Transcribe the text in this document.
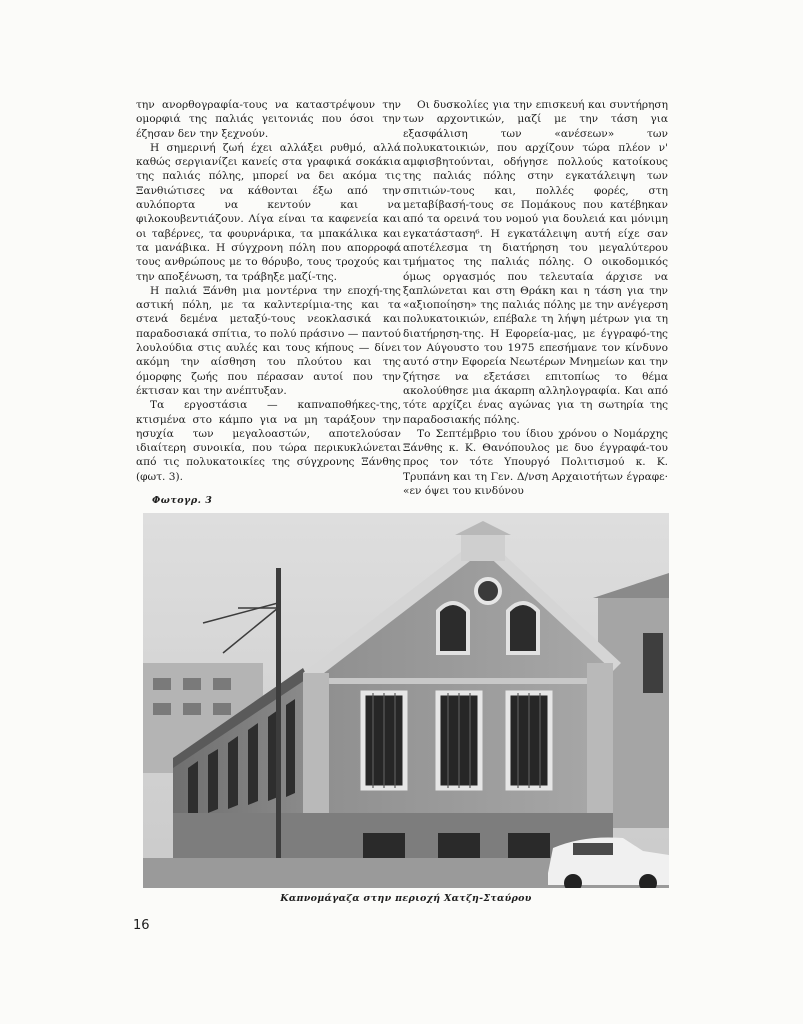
την ανορθογραφία-τους να καταστρέψουν την ομορφιά της παλιάς γειτονιάς που όσοι την έζησαν δεν την ξεχνούν.

Η σημερινή ζωή έχει αλλάξει ρυθμό, αλλά καθώς σεργιανίζει κανείς στα γραφικά σοκάκια της παλιάς πόλης, μπορεί να δει ακόμα τις Ξανθιώτισες να κάθονται έξω από την αυλόπορτα να κεντούν και να φιλοκουβεντιάζουν. Λίγα είναι τα καφενεία και οι ταβέρνες, τα φουρνάρικα, τα μπακάλικα και τα μανάβικα. Η σύγχρονη πόλη που απορροφά τους ανθρώπους με το θόρυβο, τους τροχούς και την αποξένωση, τα τράβηξε μαζί-της.

Η παλιά Ξάνθη μια μοντέρνα την εποχή-της αστική πόλη, με τα καλντερίμια-της και τα στενά δεμένα μεταξύ-τους νεοκλασικά και παραδοσιακά σπίτια, το πολύ πράσινο — παντού λουλούδια στις αυλές και τους κήπους — δίνει ακόμη την αίσθηση του πλούτου και της όμορφης ζωής που πέρασαν αυτοί που την έκτισαν και την ανέπτυξαν.

Τα εργοστάσια — καπναποθήκες-της, κτισμένα στο κάμπο για να μη ταράξουν την ησυχία των μεγαλοαστών, αποτελούσαν ιδιαίτερη συνοικία, που τώρα περικυκλώνεται από τις πολυκατοικίες της σύγχρονης Ξάνθης (φωτ. 3).

Οι δυσκολίες για την επισκευή και συντήρηση των αρχοντικών, μαζί με την τάση για εξασφάλιση των «ανέσεων» των πολυκατοικιών, που αρχίζουν τώρα πλέον ν' αμφισβητούνται, οδήγησε πολλούς κατοίκους της παλιάς πόλης στην εγκατάλειψη των σπιτιών-τους και, πολλές φορές, στη μεταβίβασή-τους σε Πομάκους που κατέβηκαν από τα ορεινά του νομού για δουλειά και μόνιμη εγκατάσταση⁶. Η εγκατάλειψη αυτή είχε σαν αποτέλεσμα τη διατήρηση του μεγαλύτερου τμήματος της παλιάς πόλης. Ο οικοδομικός όμως οργασμός που τελευταία άρχισε να ξαπλώνεται και στη Θράκη και η τάση για την «αξιοποίηση» της παλιάς πόλης με την ανέγερση πολυκατοικιών, επέβαλε τη λήψη μέτρων για τη διατήρηση-της. Η Εφορεία-μας, με έγγραφό-της τον Αύγουστο του 1975 επεσήμανε τον κίνδυνο αυτό στην Εφορεία Νεωτέρων Μνημείων και την ζήτησε να εξετάσει επιτοπίως το θέμα ακολούθησε μια άκαρπη αλληλογραφία. Και από τότε αρχίζει ένας αγώνας για τη σωτηρία της παραδοσιακής πόλης.

Το Σεπτέμβριο του ίδιου χρόνου ο Νομάρχης Ξάνθης κ. Κ. Θανόπουλος με δυο έγγραφά-του προς τον τότε Υπουργό Πολιτισμού κ. Κ. Τρυπάνη και τη Γεν. Δ/νση Αρχαιοτήτων έγραφε· «εν όψει του κινδύνου

Φωτογρ. 3
Καπνομάγαζα στην περιοχή Χατζη-Σταύρου
16
